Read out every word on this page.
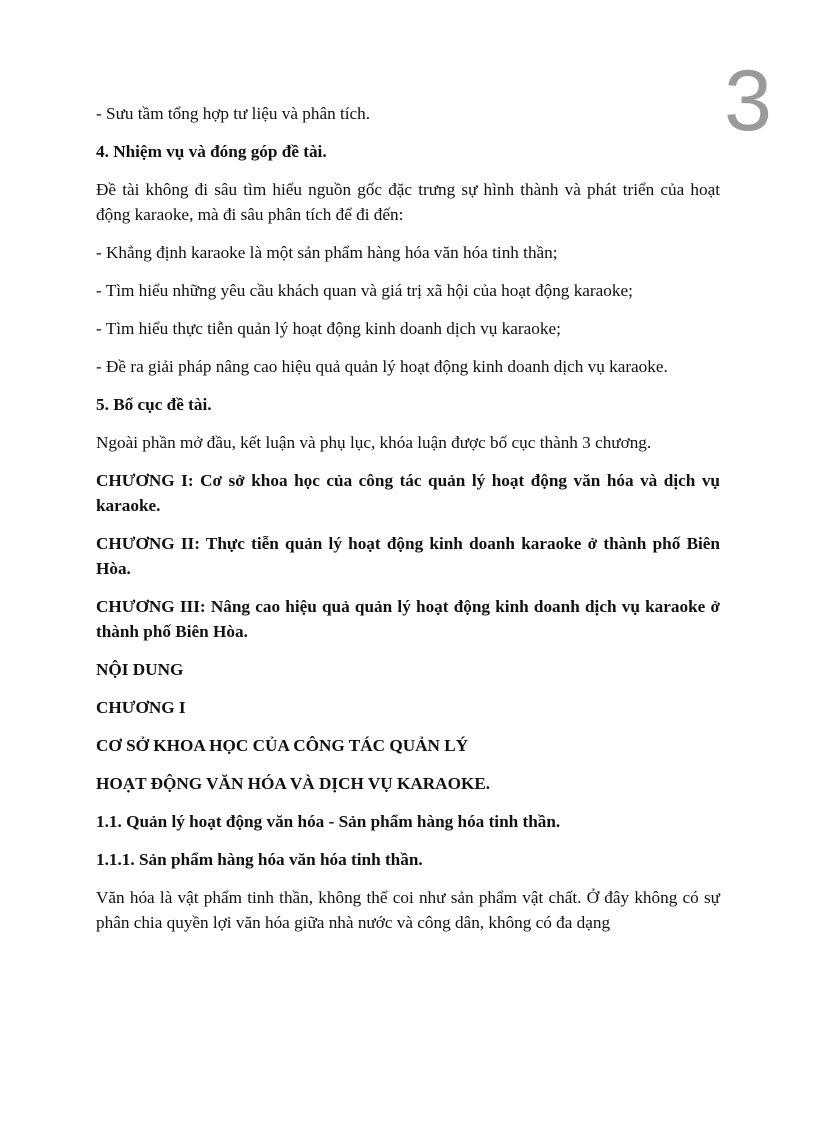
3

- Sưu tầm tổng hợp tư liệu và phân tích.

4. Nhiệm vụ và đóng góp đề tài.

Đề tài không đi sâu tìm hiểu nguồn gốc đặc trưng sự hình thành và phát triển của hoạt động karaoke, mà đi sâu phân tích để đi đến:

- Khẳng định karaoke là một sản phẩm hàng hóa văn hóa tinh thần;

- Tìm hiểu những yêu cầu khách quan và giá trị xã hội của hoạt động karaoke;

- Tìm hiểu thực tiễn quản lý hoạt động kinh doanh dịch vụ karaoke;

- Đề ra giải pháp nâng cao hiệu quả quản lý hoạt động kinh doanh dịch vụ karaoke.

5. Bố cục đề tài.

Ngoài phần mở đầu, kết luận và phụ lục, khóa luận được bố cục thành 3 chương.

CHƯƠNG I: Cơ sở khoa học của công tác quản lý hoạt động văn hóa và dịch vụ karaoke.

CHƯƠNG II: Thực tiễn quản lý hoạt động kinh doanh karaoke ở thành phố Biên Hòa.

CHƯƠNG III: Nâng cao hiệu quả quản lý hoạt động kinh doanh dịch vụ karaoke ở thành phố Biên Hòa.

NỘI DUNG

CHƯƠNG I

CƠ SỞ KHOA HỌC CỦA CÔNG TÁC QUẢN LÝ

HOẠT ĐỘNG VĂN HÓA VÀ DỊCH VỤ KARAOKE.

1.1. Quản lý hoạt động văn hóa - Sản phẩm hàng hóa tinh thần.

1.1.1. Sản phẩm hàng hóa văn hóa tinh thần.

Văn hóa là vật phẩm tinh thần, không thể coi như sản phẩm vật chất. Ở đây không có sự phân chia quyền lợi văn hóa giữa nhà nước và công dân, không có đa dạng
